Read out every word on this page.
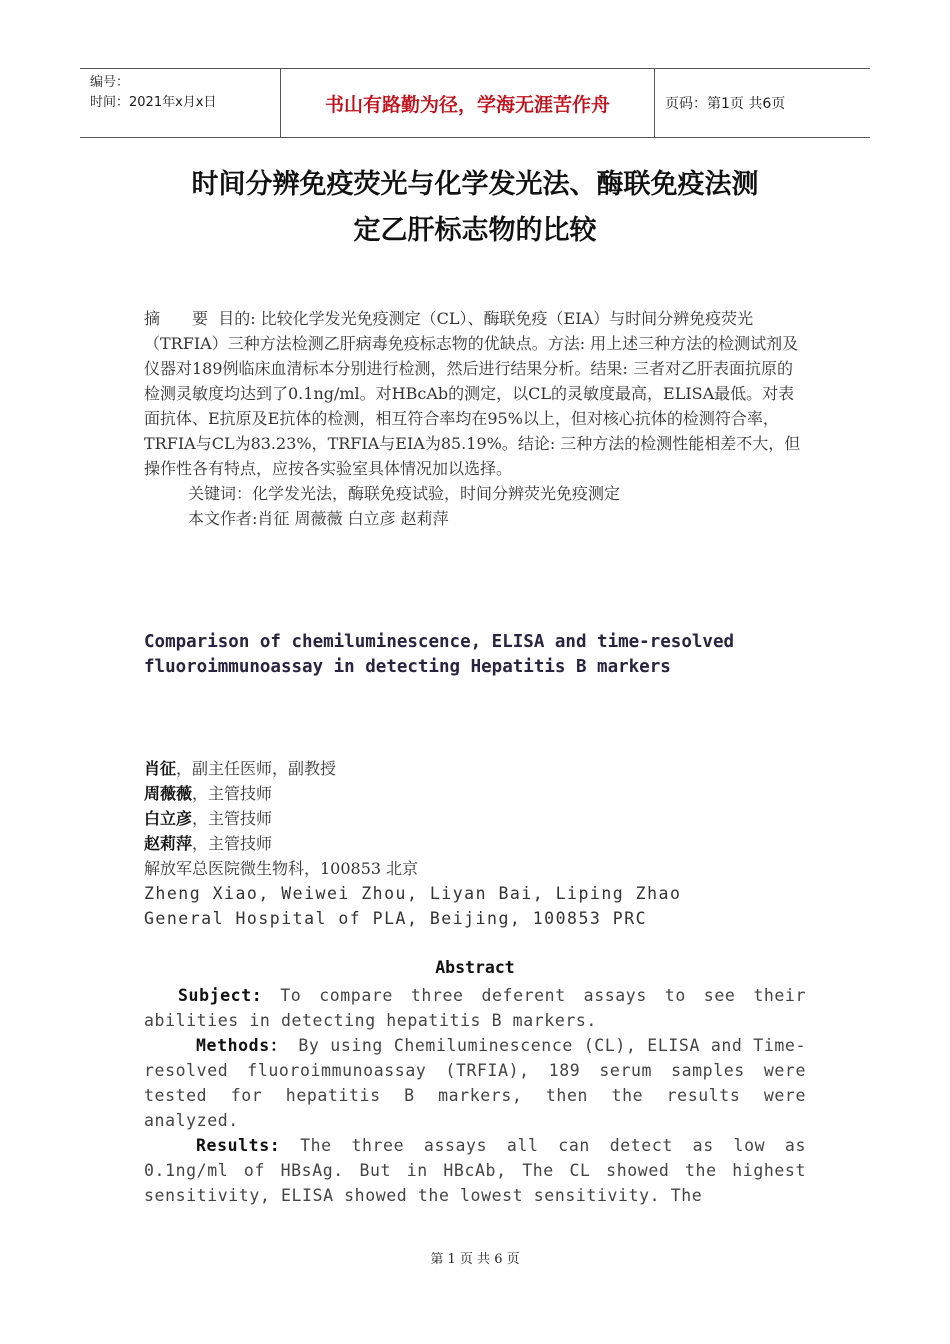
编号：
时间：2021年x月x日	书山有路勤为径，学海无涯苦作舟	页码：第1页 共6页
时间分辨免疫荧光与化学发光法、酶联免疫法测
定乙肝标志物的比较

摘　　要 目的: 比较化学发光免疫测定（CL）、酶联免疫（EIA）与时间分辨免疫荧光（TRFIA）三种方法检测乙肝病毒免疫标志物的优缺点。方法: 用上述三种方法的检测试剂及仪器对189例临床血清标本分别进行检测，然后进行结果分析。结果: 三者对乙肝表面抗原的检测灵敏度均达到了0.1ng/ml。对HBcAb的测定，以CL的灵敏度最高，ELISA最低。对表面抗体、E抗原及E抗体的检测，相互符合率均在95%以上，但对核心抗体的检测符合率， TRFIA与CL为83.23%，TRFIA与EIA为85.19%。结论: 三种方法的检测性能相差不大，但操作性各有特点，应按各实验室具体情况加以选择。

关键词：化学发光法，酶联免疫试验，时间分辨荧光免疫测定

本文作者:肖征 周薇薇 白立彦 赵莉萍

Comparison of chemiluminescence, ELISA and time-resolved
fluoroimmunoassay in detecting Hepatitis B markers

肖征，副主任医师，副教授

周薇薇，主管技师

白立彦，主管技师

赵莉萍，主管技师

解放军总医院微生物科，100853 北京

Zheng Xiao, Weiwei Zhou, Liyan Bai, Liping Zhao

General Hospital of PLA, Beijing, 100853 PRC

Abstract

Subject: To compare three deferent assays to see their abilities in detecting hepatitis B markers.

Methods： By using Chemiluminescence (CL), ELISA and Time-resolved fluoroimmunoassay (TRFIA), 189 serum samples were tested for hepatitis B markers, then the results were analyzed.

Results: The three assays all can detect as low as 0.1ng/ml of HBsAg. But in HBcAb, The CL showed the highest sensitivity, ELISA showed the lowest sensitivity. The

第 1 页 共 6 页
